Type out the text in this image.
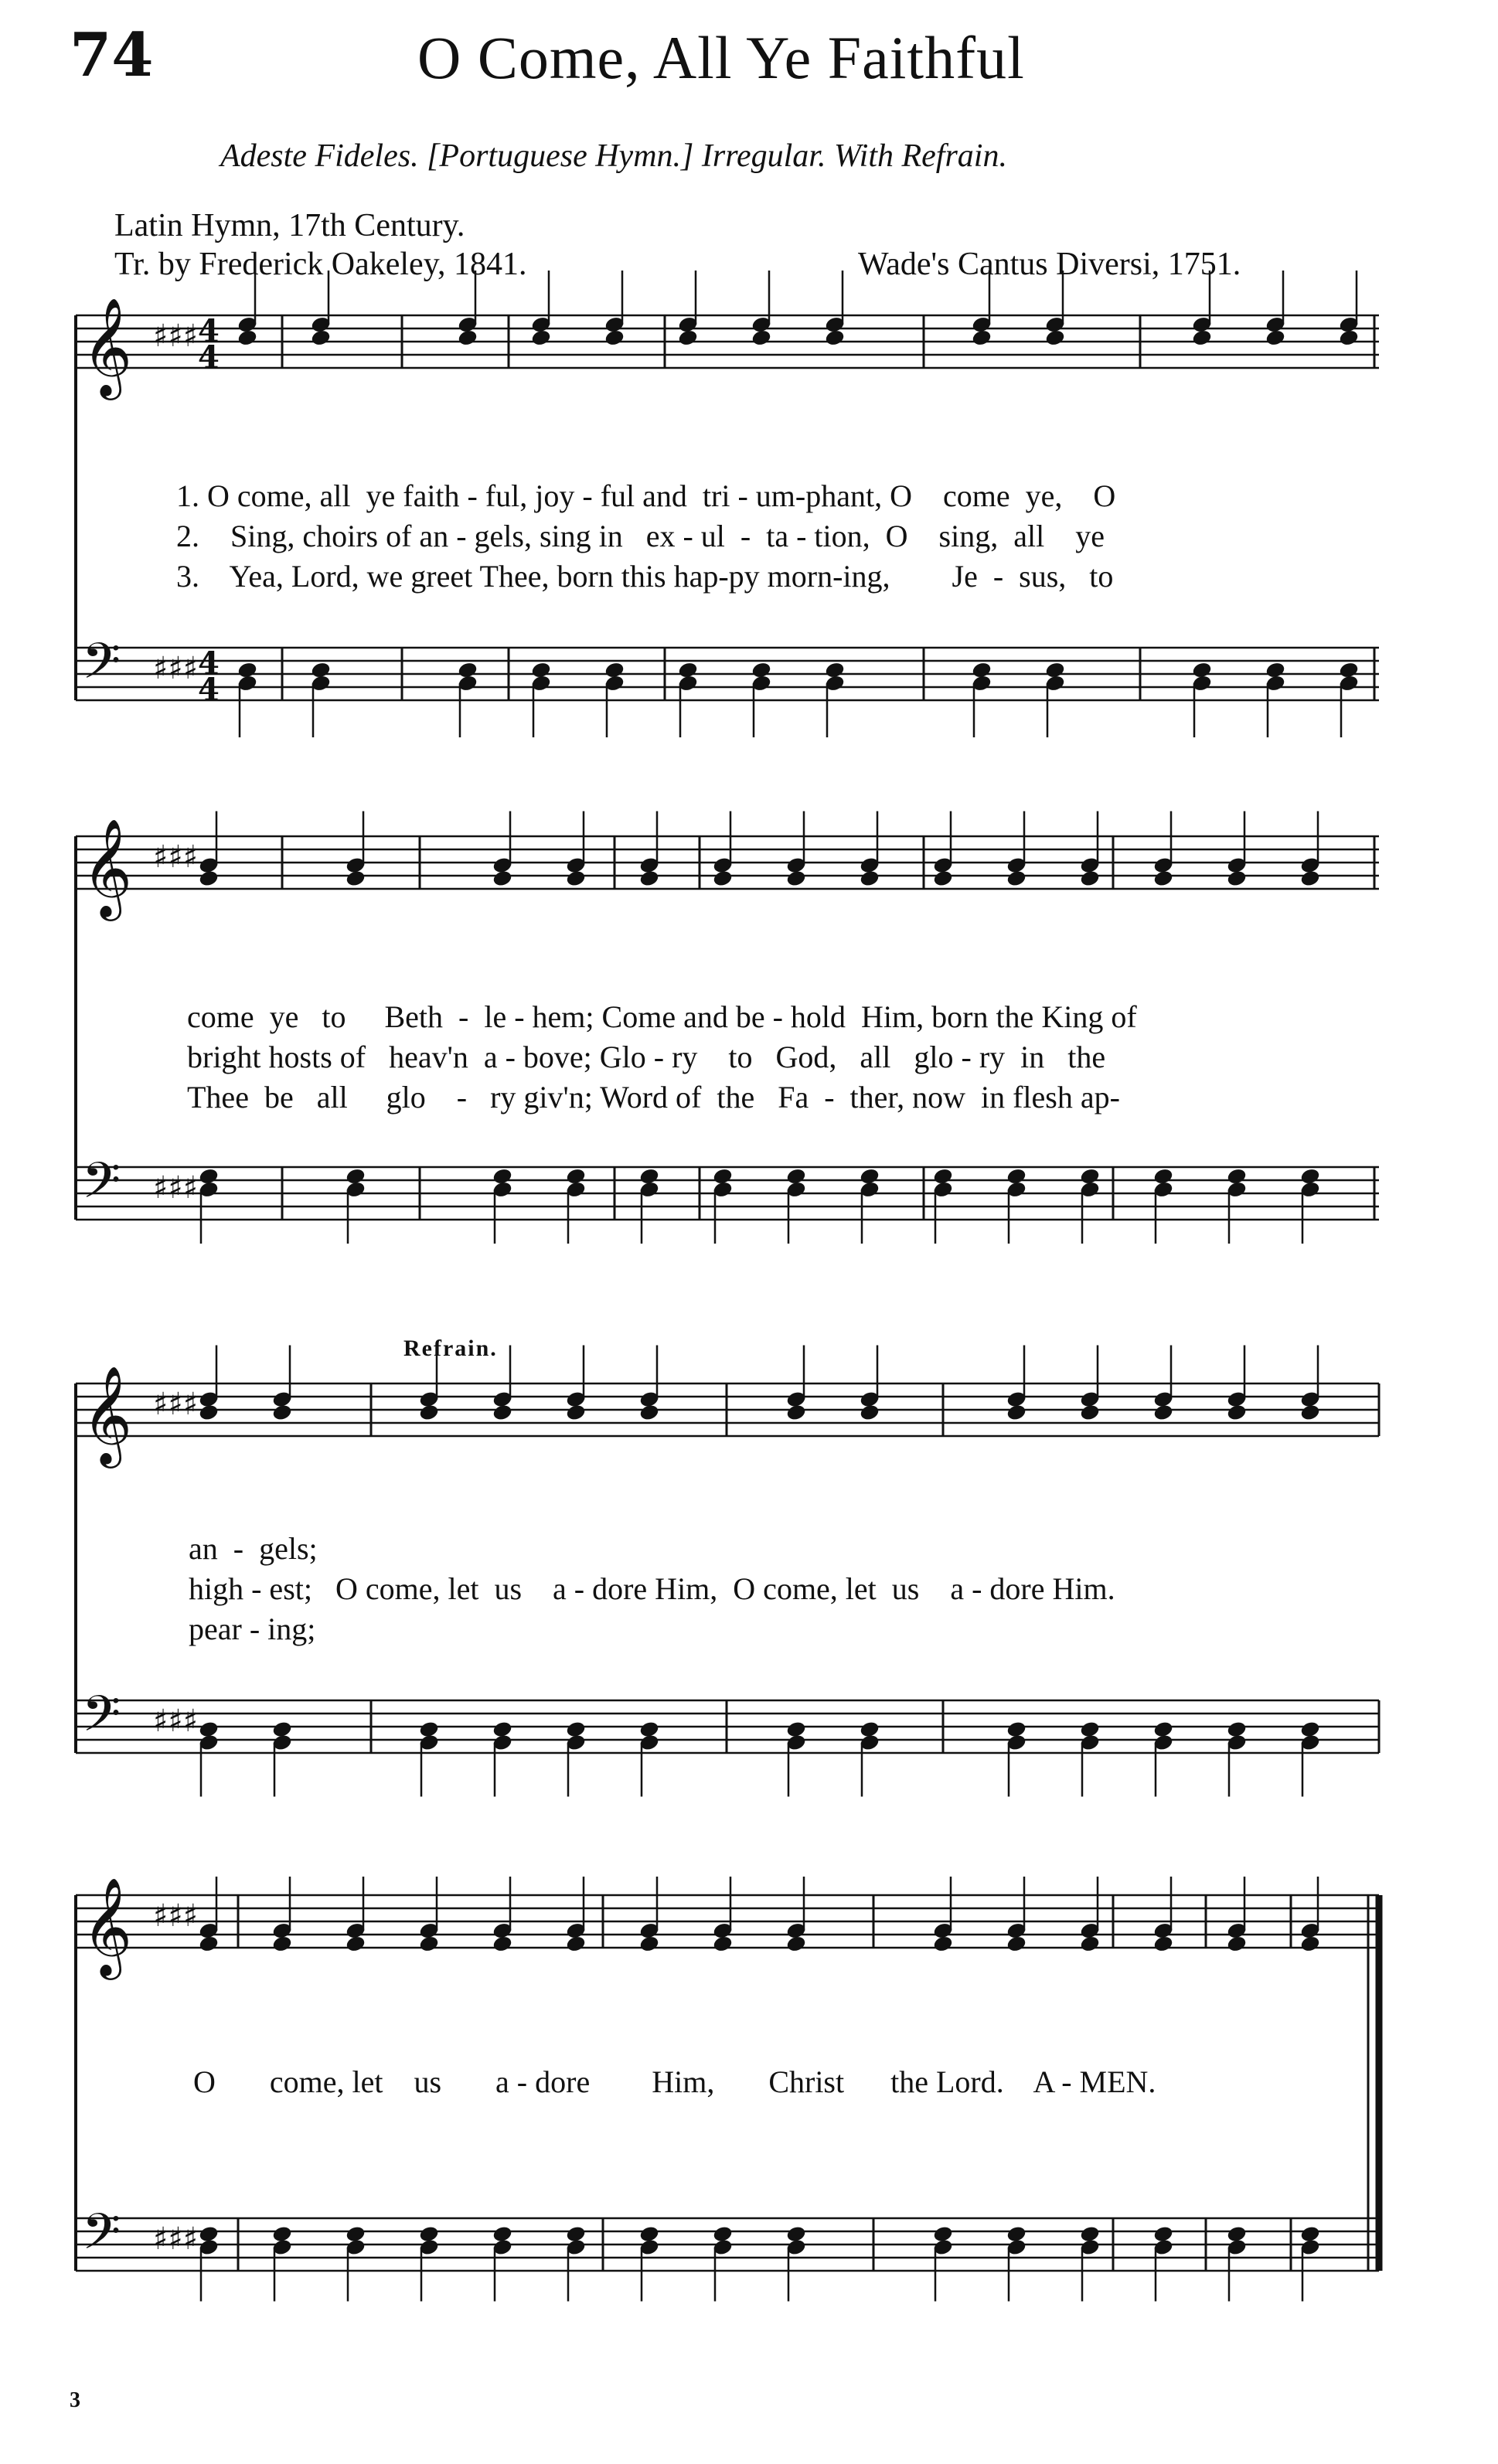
74	O Come, All Ye Faithful
Adeste Fideles. [Portuguese Hymn.] Irregular. With Refrain.
Latin Hymn, 17th Century.
Tr. by Frederick Oakeley, 1841.	Wade's Cantus Diversi, 1751.
𝄞 ♯♯♯ 4
4
𝄢 ♯♯♯ 4
4
𝄞 ♯♯♯
𝄢 ♯♯♯
𝄞 ♯♯♯
𝄢 ♯♯♯
𝄞 ♯♯♯
𝄢 ♯♯♯
1. O come, all  ye faith - ful, joy - ful and  tri - um-phant, O    come  ye,    O
2.    Sing, choirs of an - gels, sing in   ex - ul  -  ta - tion,  O    sing,  all    ye
3.    Yea, Lord, we greet Thee, born this hap-py morn-ing,        Je  -  sus,   to
come  ye   to     Beth  -  le - hem; Come and be - hold  Him, born the King of
bright hosts of   heav'n  a - bove; Glo - ry    to   God,   all   glo - ry  in   the
Thee  be   all     glo    -   ry giv'n; Word of  the   Fa  -  ther, now  in flesh ap-
Refrain.
an  -  gels;
high - est;   O come, let  us    a - dore Him,  O come, let  us    a - dore Him.
pear - ing;
O       come, let    us       a - dore        Him,       Christ      the Lord.    A - MEN.
3
